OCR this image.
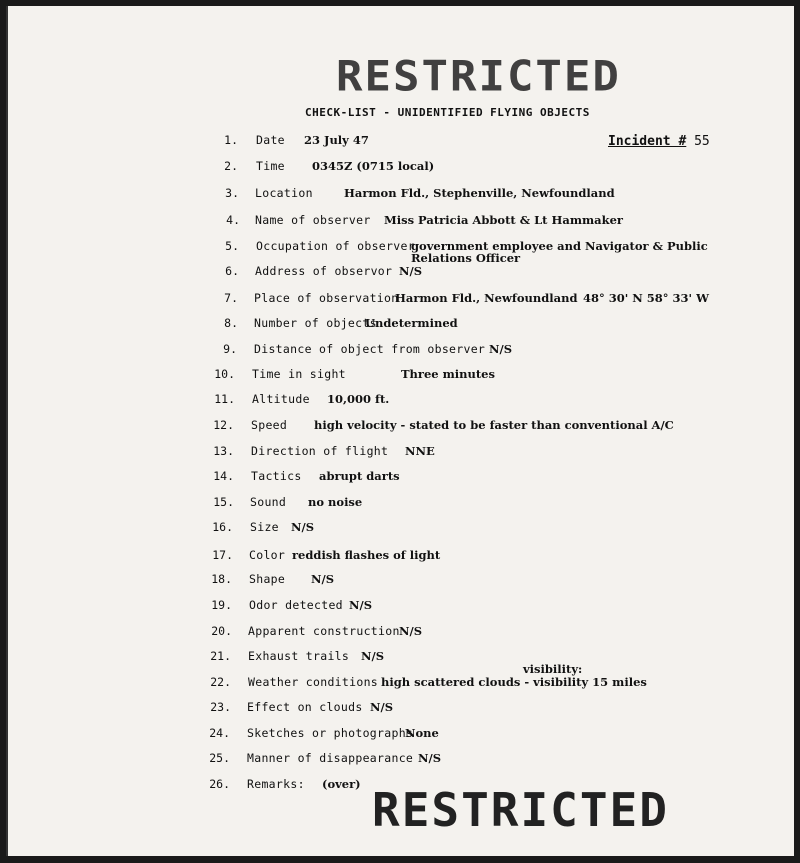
RESTRICTED
CHECK-LIST - UNIDENTIFIED FLYING OBJECTS
Incident # 55
1. Date 23 July 47
2. Time 0345Z (0715 local)
3. Location	Harmon Fld., Stephenville, Newfoundland
4. Name of observer Miss Patricia Abbott & Lt Hammaker
5. Occupation of observer
government employee and Navigator & Public
Relations Officer
6. Address of observor N/S
7. Place of observation
Harmon Fld., Newfoundland 48° 30' N 58° 33' W
8. Number of objects
Undetermined
9. Distance of object from observer N/S
10. Time in sight	Three minutes
11. Altitude 10,000 ft.
12. Speed high velocity - stated to be faster than conventional A/C
13. Direction of flight NNE
14. Tactics abrupt darts
15. Sound no noise
16. Size N/S
17. Color reddish flashes of light
18. Shape N/S
19. Odor detected N/S
20. Apparent construction N/S
21. Exhaust trails N/S
22. Weather conditions high scattered clouds - visibility 15 miles
23. Effect on clouds N/S
24. Sketches or photographs
None
25. Manner of disappearance N/S
26. Remarks: (over)
visibility:
RESTRICTED
